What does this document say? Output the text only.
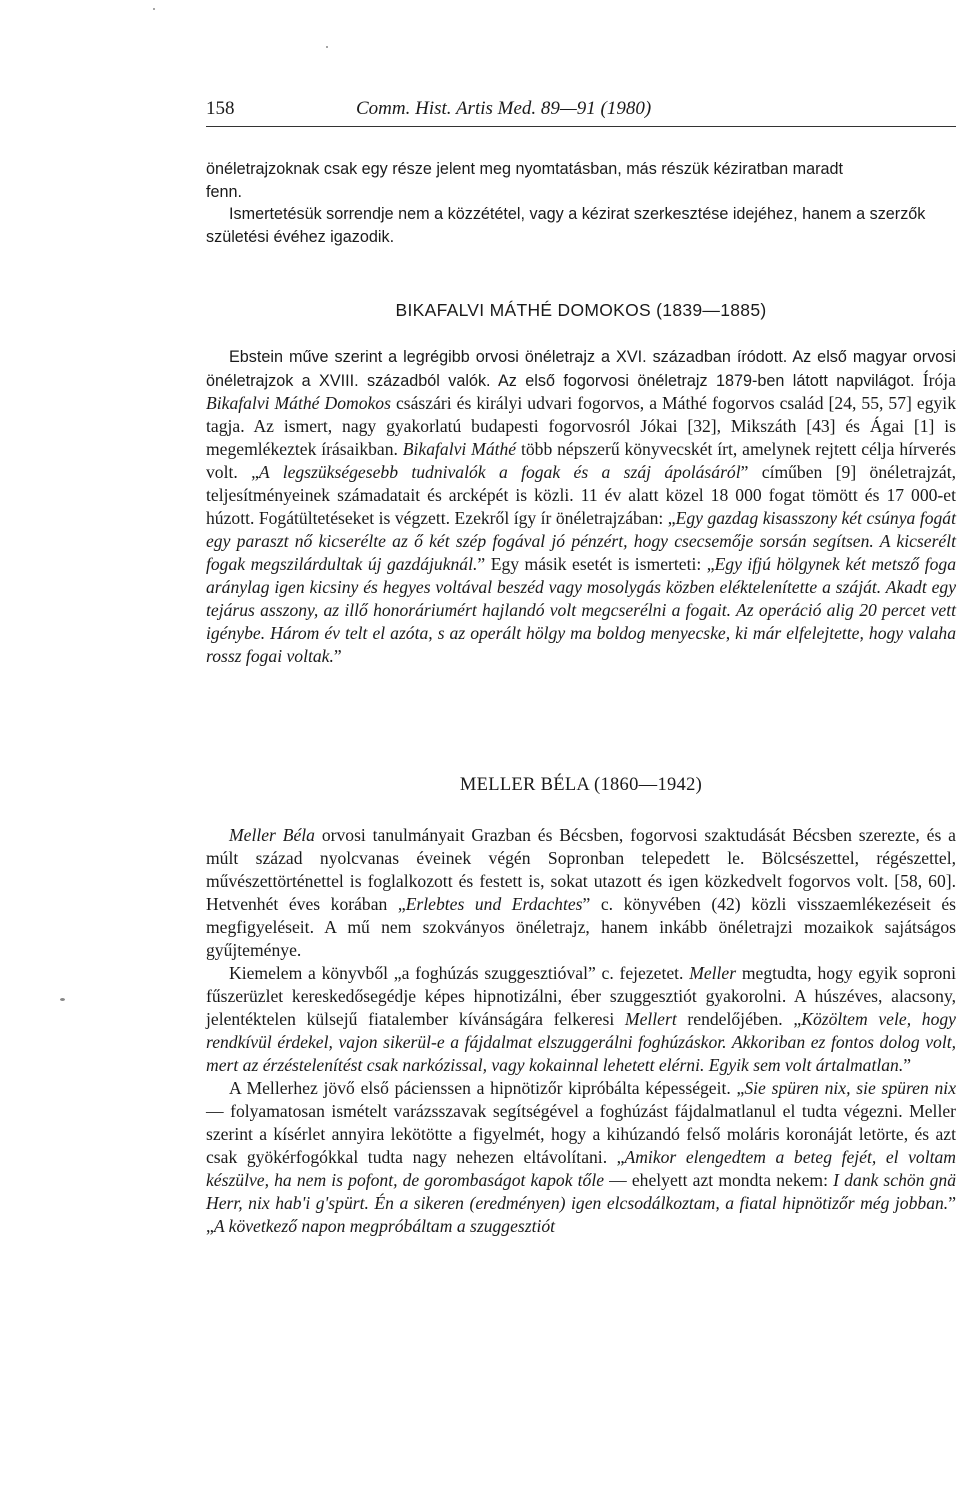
158	Comm. Hist. Artis Med. 89—91 (1980)

önéletrajzoknak csak egy része jelent meg nyomtatásban, más részük kéziratban maradt

fenn.

Ismertetésük sorrendje nem a közzététel, vagy a kézirat szerkesztése idejéhez, hanem a szerzők születési évéhez igazodik.

BIKAFALVI MÁTHÉ DOMOKOS (1839—1885)

Ebstein műve szerint a legrégibb orvosi önéletrajz a XVI. században íródott. Az első magyar orvosi önéletrajzok a XVIII. századból valók. Az első fogorvosi önéletrajz 1879-ben látott napvilágot. Írója Bikafalvi Máthé Domokos császári és királyi udvari fogorvos, a Máthé fogorvos család [24, 55, 57] egyik tagja. Az ismert, nagy gyakorlatú budapesti fogorvosról Jókai [32], Mikszáth [43] és Ágai [1] is megemlékeztek írásaikban. Bikafalvi Máthé több népszerű könyvecskét írt, amelynek rejtett célja hírverés volt. „A legszükségesebb tudnivalók a fogak és a száj ápolásáról” címűben [9] önéletrajzát, teljesítményeinek számadatait és arcképét is közli. 11 év alatt közel 18 000 fogat tömött és 17 000-et húzott. Fogátültetéseket is végzett. Ezekről így ír önéletrajzában: „Egy gazdag kisasszony két csúnya fogát egy paraszt nő kicserélte az ő két szép fogával jó pénzért, hogy csecsemője sorsán segítsen. A kicserélt fogak megszilárdultak új gazdájuknál.” Egy másik esetét is ismerteti: „Egy ifjú hölgynek két metsző foga aránylag igen kicsiny és hegyes voltával beszéd vagy mosolygás közben eléktelenítette a száját. Akadt egy tejárus asszony, az illő honoráriumért hajlandó volt megcserélni a fogait. Az operáció alig 20 percet vett igénybe. Három év telt el azóta, s az operált hölgy ma boldog menyecske, ki már elfelejtette, hogy valaha rossz fogai voltak.”

MELLER BÉLA (1860—1942)

Meller Béla orvosi tanulmányait Grazban és Bécsben, fogorvosi szaktudását Bécsben szerezte, és a múlt század nyolcvanas éveinek végén Sopronban telepedett le. Bölcsészettel, régészettel, művészettörténettel is foglalkozott és festett is, sokat utazott és igen közkedvelt fogorvos volt. [58, 60]. Hetvenhét éves korában „Erlebtes und Erdachtes” c. könyvében (42) közli visszaemlékezéseit és megfigyeléseit. A mű nem szokványos önéletrajz, hanem inkább önéletrajzi mozaikok sajátságos gyűjteménye.

Kiemelem a könyvből „a foghúzás szuggesztióval” c. fejezetet. Meller megtudta, hogy egyik soproni fűszerüzlet kereskedősegédje képes hipnotizálni, éber szuggesztiót gyakorolni. A húszéves, alacsony, jelentéktelen külsejű fiatalember kívánságára felkeresi Mellert rendelőjében. „Közöltem vele, hogy rendkívül érdekel, vajon sikerül-e a fájdalmat elszuggerálni foghúzáskor. Akkoriban ez fontos dolog volt, mert az érzéstelenítést csak narkózissal, vagy kokainnal lehetett elérni. Egyik sem volt ártalmatlan.”

A Mellerhez jövő első pácienssen a hipnötizőr kipróbálta képességeit. „Sie spüren nix, sie spüren nix — folyamatosan ismételt varázsszavak segítségével a foghúzást fájdalmatlanul el tudta végezni. Meller szerint a kísérlet annyira lekötötte a figyelmét, hogy a kihúzandó felső moláris koronáját letörte, és azt csak gyökérfogókkal tudta nagy nehezen eltávolítani. „Amikor elengedtem a beteg fejét, el voltam készülve, ha nem is pofont, de gorombaságot kapok tőle — ehelyett azt mondta nekem: I dank schön gnä Herr, nix hab'i g'spürt. Én a sikeren (eredményen) igen elcsodálkoztam, a fiatal hipnötizőr még jobban.” „A következő napon megpróbáltam a szuggesztiót
